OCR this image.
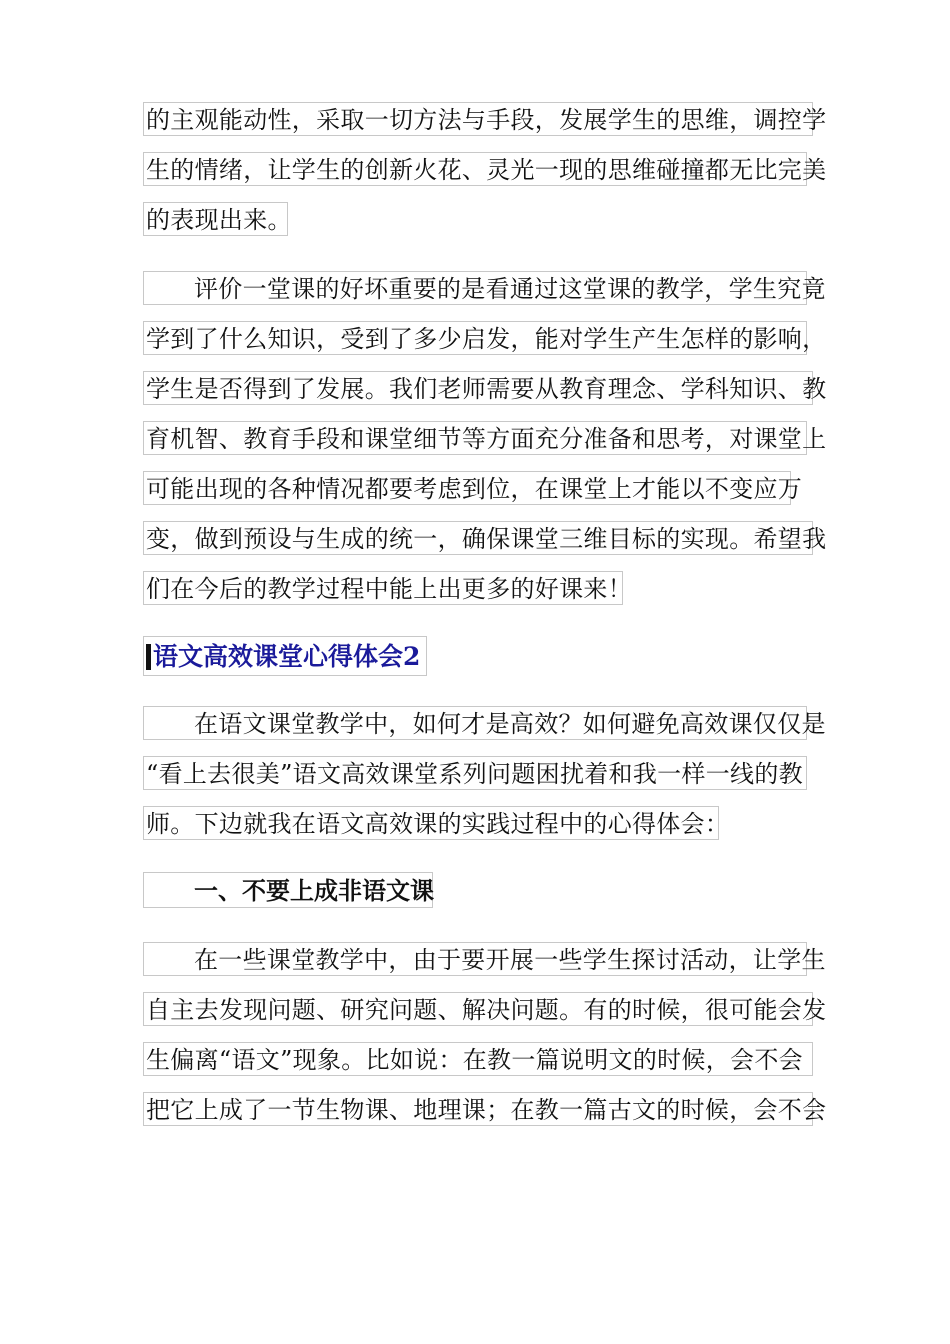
的主观能动性，采取一切方法与手段，发展学生的思维，调控学
生的情绪，让学生的创新火花、灵光一现的思维碰撞都无比完美
的表现出来。
评价一堂课的好坏重要的是看通过这堂课的教学，学生究竟
学到了什么知识，受到了多少启发，能对学生产生怎样的影响，
学生是否得到了发展。我们老师需要从教育理念、学科知识、教
育机智、教育手段和课堂细节等方面充分准备和思考，对课堂上
可能出现的各种情况都要考虑到位，在课堂上才能以不变应万
变，做到预设与生成的统一，确保课堂三维目标的实现。希望我
们在今后的教学过程中能上出更多的好课来！
语文高效课堂心得体会2
在语文课堂教学中，如何才是高效？如何避免高效课仅仅是
“看上去很美”语文高效课堂系列问题困扰着和我一样一线的教
师。下边就我在语文高效课的实践过程中的心得体会：
一、不要上成非语文课
在一些课堂教学中，由于要开展一些学生探讨活动，让学生
自主去发现问题、研究问题、解决问题。有的时候，很可能会发
生偏离“语文”现象。比如说：在教一篇说明文的时候，会不会
把它上成了一节生物课、地理课；在教一篇古文的时候，会不会
